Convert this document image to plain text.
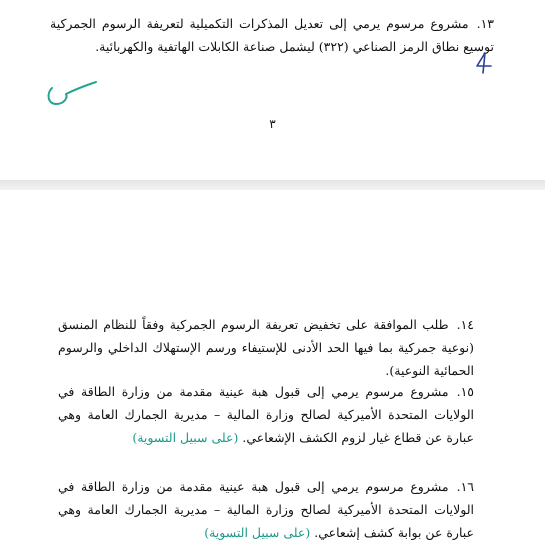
١٣.مشروع مرسوم يرمي إلى تعديل المذكرات التكميلية لتعريفة الرسوم الجمركية توسيع نطاق الرمز الصناعي (٣٢٢) ليشمل صناعة الكابلات الهاتفية والكهربائية.
٣
١٤.طلب الموافقة على تخفيض تعريفة الرسوم الجمركية وفقاً للنظام المنسق (نوعية جمركية بما فيها الحد الأدنى للإستيفاء ورسم الإستهلاك الداخلي والرسوم الحمائية النوعية).
١٥.مشروع مرسوم يرمي إلى قبول هبة عينية مقدمة من وزارة الطاقة في الولايات المتحدة الأميركية لصالح وزارة المالية – مديرية الجمارك العامة وهي عبارة عن قطاع غيار لزوم الكشف الإشعاعي. (على سبيل التسوية)
١٦.مشروع مرسوم يرمي إلى قبول هبة عينية مقدمة من وزارة الطاقة في الولايات المتحدة الأميركية لصالح وزارة المالية – مديرية الجمارك العامة وهي عبارة عن بوابة كشف إشعاعي. (على سبيل التسوية)
